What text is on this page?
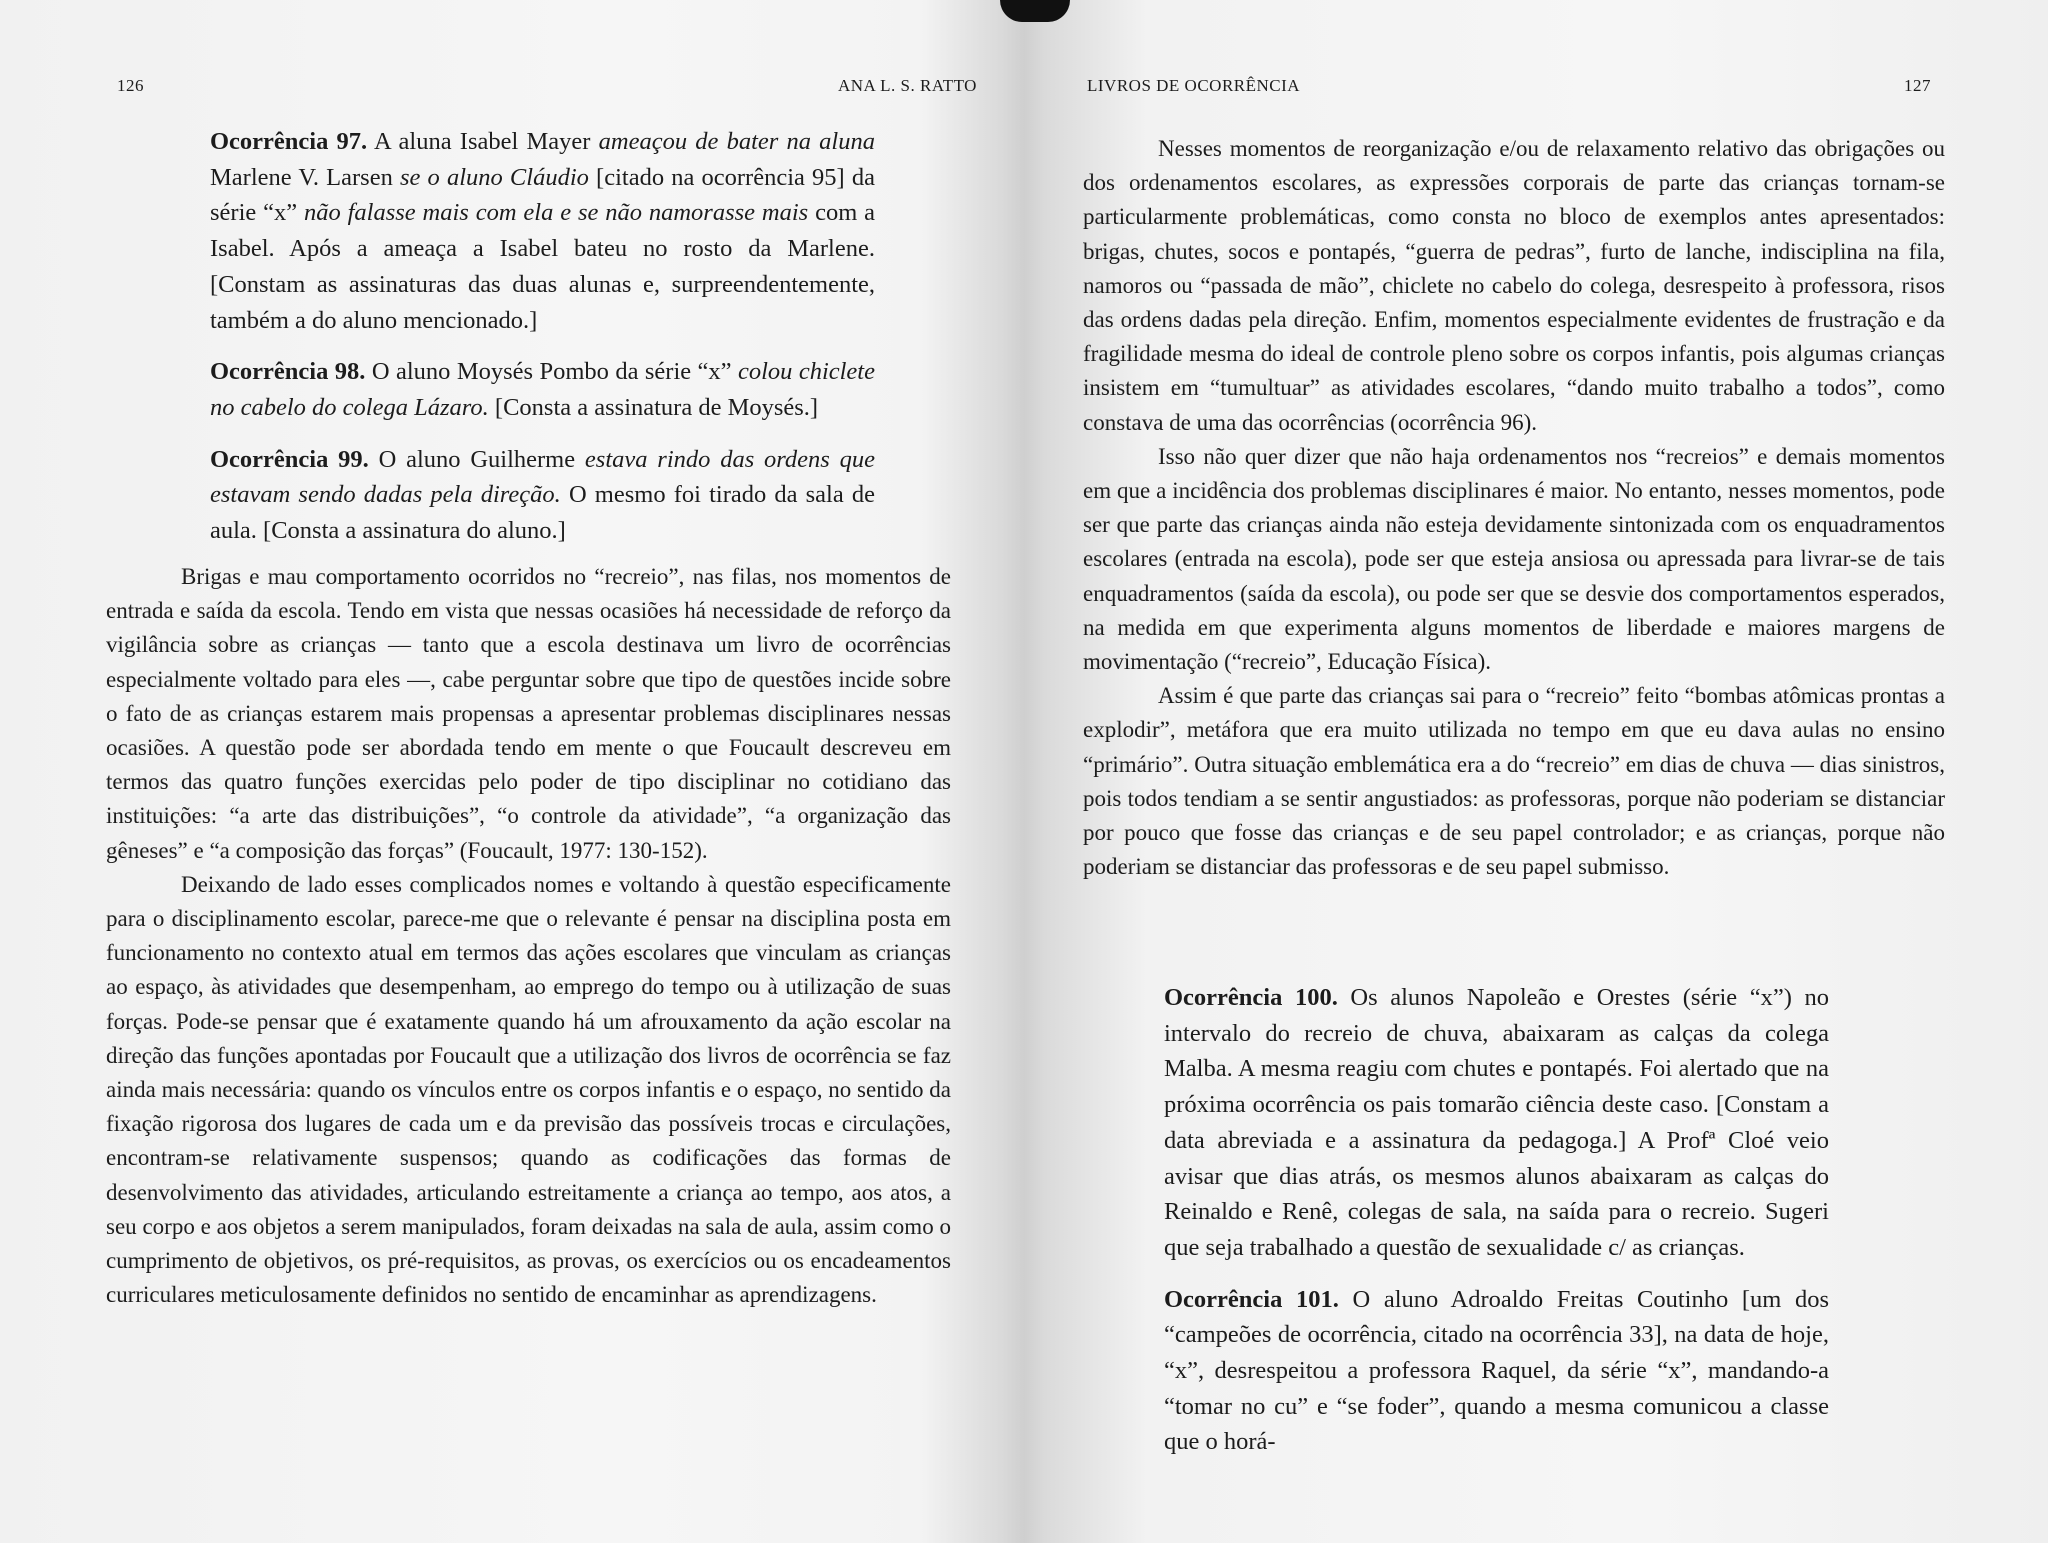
126	ANA L. S. RATTO

Ocorrência 97. A aluna Isabel Mayer ameaçou de bater na aluna Marlene V. Larsen se o aluno Cláudio [citado na ocorrência 95] da série “x” não falasse mais com ela e se não namorasse mais com a Isabel. Após a ameaça a Isabel bateu no rosto da Marlene. [Constam as assinaturas das duas alunas e, surpreendentemente, também a do aluno mencionado.]

Ocorrência 98. O aluno Moysés Pombo da série “x” colou chiclete no cabelo do colega Lázaro. [Consta a assinatura de Moysés.]

Ocorrência 99. O aluno Guilherme estava rindo das ordens que estavam sendo dadas pela direção. O mesmo foi tirado da sala de aula. [Consta a assinatura do aluno.]

Brigas e mau comportamento ocorridos no “recreio”, nas filas, nos momentos de entrada e saída da escola. Tendo em vista que nessas ocasiões há necessidade de reforço da vigilância sobre as crianças — tanto que a escola destinava um livro de ocorrências especialmente voltado para eles —, cabe perguntar sobre que tipo de questões incide sobre o fato de as crianças estarem mais propensas a apresentar problemas disciplinares nessas ocasiões. A questão pode ser abordada tendo em mente o que Foucault descreveu em termos das quatro funções exercidas pelo poder de tipo disciplinar no cotidiano das instituições: “a arte das distribuições”, “o controle da atividade”, “a organização das gêneses” e “a composição das forças” (Foucault, 1977: 130-152).

Deixando de lado esses complicados nomes e voltando à questão especificamente para o disciplinamento escolar, parece-me que o relevante é pensar na disciplina posta em funcionamento no contexto atual em termos das ações escolares que vinculam as crianças ao espaço, às atividades que desempenham, ao emprego do tempo ou à utilização de suas forças. Pode-se pensar que é exatamente quando há um afrouxamento da ação escolar na direção das funções apontadas por Foucault que a utilização dos livros de ocorrência se faz ainda mais necessária: quando os vínculos entre os corpos infantis e o espaço, no sentido da fixação rigorosa dos lugares de cada um e da previsão das possíveis trocas e circulações, encontram-se relativamente suspensos; quando as codificações das formas de desenvolvimento das atividades, articulando estreitamente a criança ao tempo, aos atos, a seu corpo e aos objetos a serem manipulados, foram deixadas na sala de aula, assim como o cumprimento de objetivos, os pré-requisitos, as provas, os exercícios ou os encadeamentos curriculares meticulosamente definidos no sentido de encaminhar as aprendizagens.

LIVROS DE OCORRÊNCIA	127

Nesses momentos de reorganização e/ou de relaxamento relativo das obrigações ou dos ordenamentos escolares, as expressões corporais de parte das crianças tornam-se particularmente problemáticas, como consta no bloco de exemplos antes apresentados: brigas, chutes, socos e pontapés, “guerra de pedras”, furto de lanche, indisciplina na fila, namoros ou “passada de mão”, chiclete no cabelo do colega, desrespeito à professora, risos das ordens dadas pela direção. Enfim, momentos especialmente evidentes de frustração e da fragilidade mesma do ideal de controle pleno sobre os corpos infantis, pois algumas crianças insistem em “tumultuar” as atividades escolares, “dando muito trabalho a todos”, como constava de uma das ocorrências (ocorrência 96).

Isso não quer dizer que não haja ordenamentos nos “recreios” e demais momentos em que a incidência dos problemas disciplinares é maior. No entanto, nesses momentos, pode ser que parte das crianças ainda não esteja devidamente sintonizada com os enquadramentos escolares (entrada na escola), pode ser que esteja ansiosa ou apressada para livrar-se de tais enquadramentos (saída da escola), ou pode ser que se desvie dos comportamentos esperados, na medida em que experimenta alguns momentos de liberdade e maiores margens de movimentação (“recreio”, Educação Física).

Assim é que parte das crianças sai para o “recreio” feito “bombas atômicas prontas a explodir”, metáfora que era muito utilizada no tempo em que eu dava aulas no ensino “primário”. Outra situação emblemática era a do “recreio” em dias de chuva — dias sinistros, pois todos tendiam a se sentir angustiados: as professoras, porque não poderiam se distanciar por pouco que fosse das crianças e de seu papel controlador; e as crianças, porque não poderiam se distanciar das professoras e de seu papel submisso.

Ocorrência 100. Os alunos Napoleão e Orestes (série “x”) no intervalo do recreio de chuva, abaixaram as calças da colega Malba. A mesma reagiu com chutes e pontapés. Foi alertado que na próxima ocorrência os pais tomarão ciência deste caso. [Constam a data abreviada e a assinatura da pedagoga.] A Profª Cloé veio avisar que dias atrás, os mesmos alunos abaixaram as calças do Reinaldo e Renê, colegas de sala, na saída para o recreio. Sugeri que seja trabalhado a questão de sexualidade c/ as crianças.

Ocorrência 101. O aluno Adroaldo Freitas Coutinho [um dos “campeões de ocorrência, citado na ocorrência 33], na data de hoje, “x”, desrespeitou a professora Raquel, da série “x”, mandando-a “tomar no cu” e “se foder”, quando a mesma comunicou a classe que o horá-
